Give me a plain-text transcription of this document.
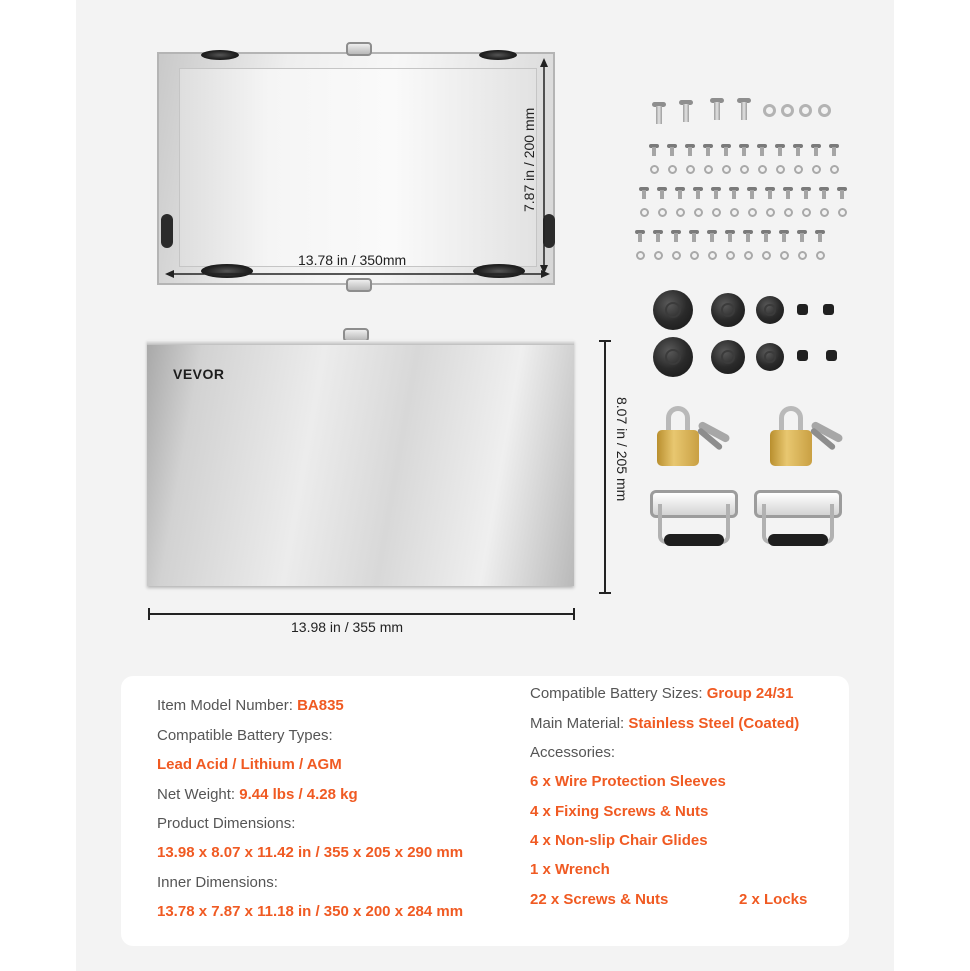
13.78 in / 350mm
7.87 in / 200 mm
VEVOR
13.98 in / 355 mm
8.07 in / 205 mm
Item Model Number: BA835
Compatible Battery Types:
Lead Acid / Lithium / AGM
Net Weight: 9.44 lbs / 4.28 kg
Product Dimensions:
13.98 x 8.07 x 11.42 in / 355 x 205 x 290 mm
Inner Dimensions:
13.78 x 7.87 x 11.18 in / 350 x 200 x 284 mm
Compatible Battery Sizes: Group 24/31
Main Material: Stainless Steel (Coated)
Accessories:
6 x Wire Protection Sleeves
4 x Fixing Screws & Nuts
4 x Non-slip Chair Glides
1 x Wrench
22 x Screws & Nuts	2 x Locks
